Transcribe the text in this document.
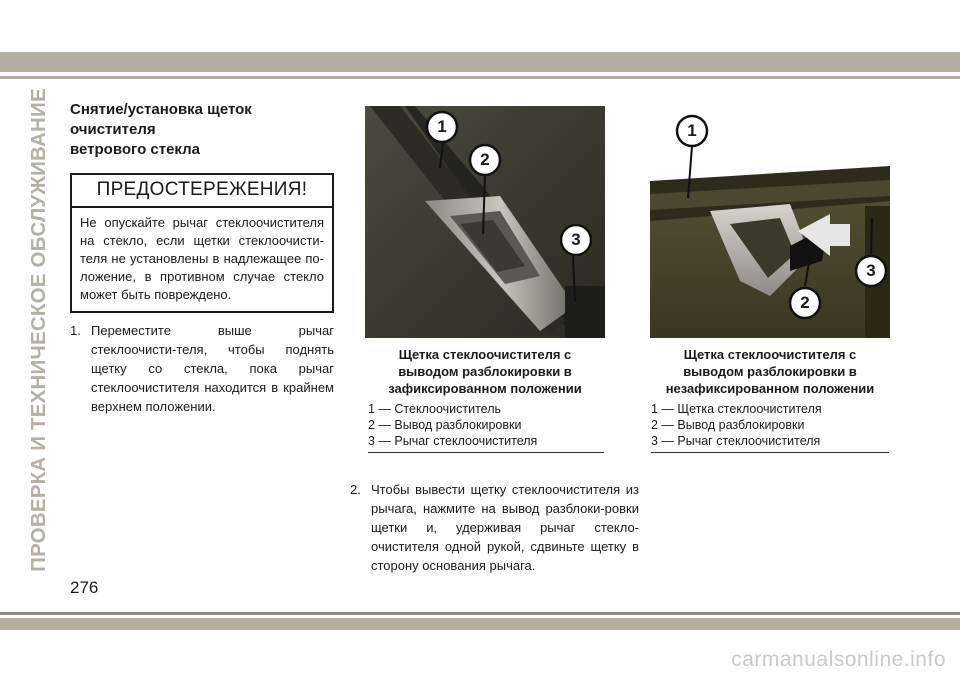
ПРОВЕРКА И ТЕХНИЧЕСКОЕ ОБСЛУЖИВАНИЕ Снятие/установка щеток очистителя
ветрового стекла

ПРЕДОСТЕРЕЖЕНИЯ!
Не опускайте рычаг стеклоочистителя на стекло, если щетки стеклоочисти-теля не установлены в надлежащее по-ложение, в противном случае стекло может быть повреждено.
1. Переместите выше рычаг стеклоочисти-теля, чтобы поднять щетку со стекла, пока рычаг стеклоочистителя находится в крайнем верхнем положении.
1
2
3
Щетка стеклоочистителя с
выводом разблокировки в
зафиксированном положении
1 — Стеклоочиститель
2 — Вывод разблокировки
3 — Рычаг стеклоочистителя
1
2
3
Щетка стеклоочистителя с
выводом разблокировки в
незафиксированном положении
1 — Щетка стеклоочистителя
2 — Вывод разблокировки
3 — Рычаг стеклоочистителя
2. Чтобы вывести щетку стеклоочистителя из рычага, нажмите на вывод разблоки-ровки щетки и, удерживая рычаг стекло-очистителя одной рукой, сдвиньте щетку в сторону основания рычага.
276
carmanualsonline.info
